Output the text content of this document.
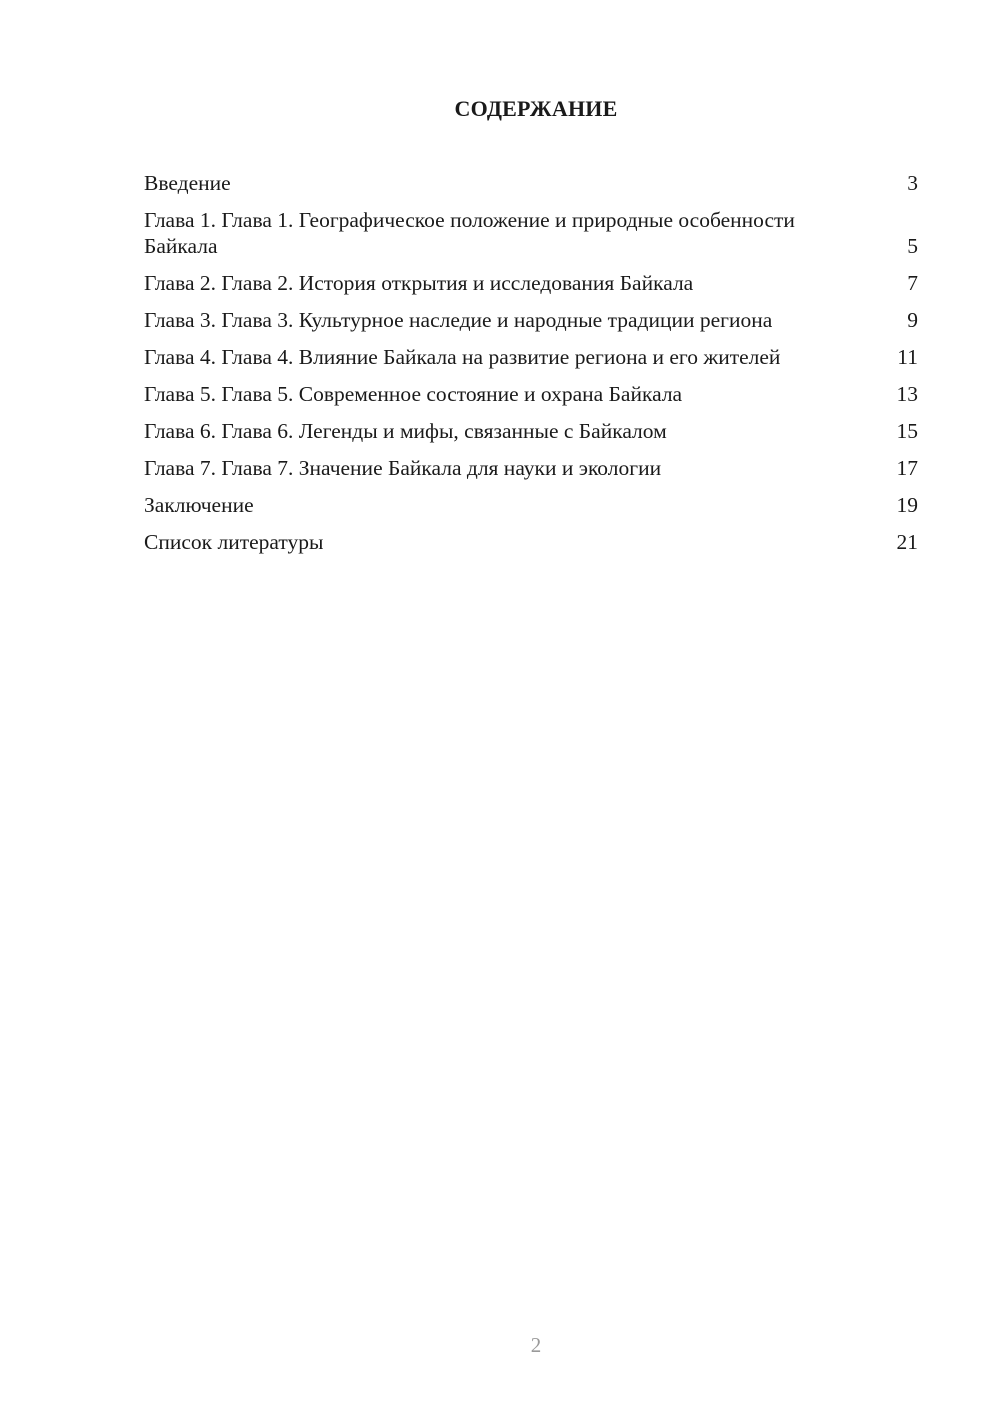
СОДЕРЖАНИЕ
Введение	3
Глава 1. Глава 1. Географическое положение и природные особенности Байкала	5
Глава 2. Глава 2. История открытия и исследования Байкала	7
Глава 3. Глава 3. Культурное наследие и народные традиции региона	9
Глава 4. Глава 4. Влияние Байкала на развитие региона и его жителей	11
Глава 5. Глава 5. Современное состояние и охрана Байкала	13
Глава 6. Глава 6. Легенды и мифы, связанные с Байкалом	15
Глава 7. Глава 7. Значение Байкала для науки и экологии	17
Заключение	19
Список литературы	21
2
